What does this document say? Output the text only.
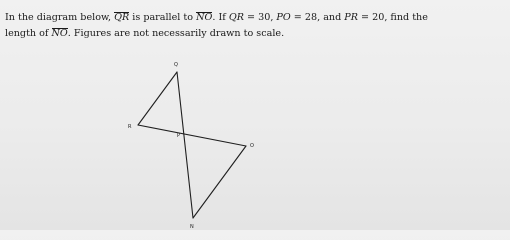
In the diagram below, QR is parallel to NO. If QR = 30, PO = 28, and PR = 20, find the
length of NO. Figures are not necessarily drawn to scale.
Q
R
P
O
N
